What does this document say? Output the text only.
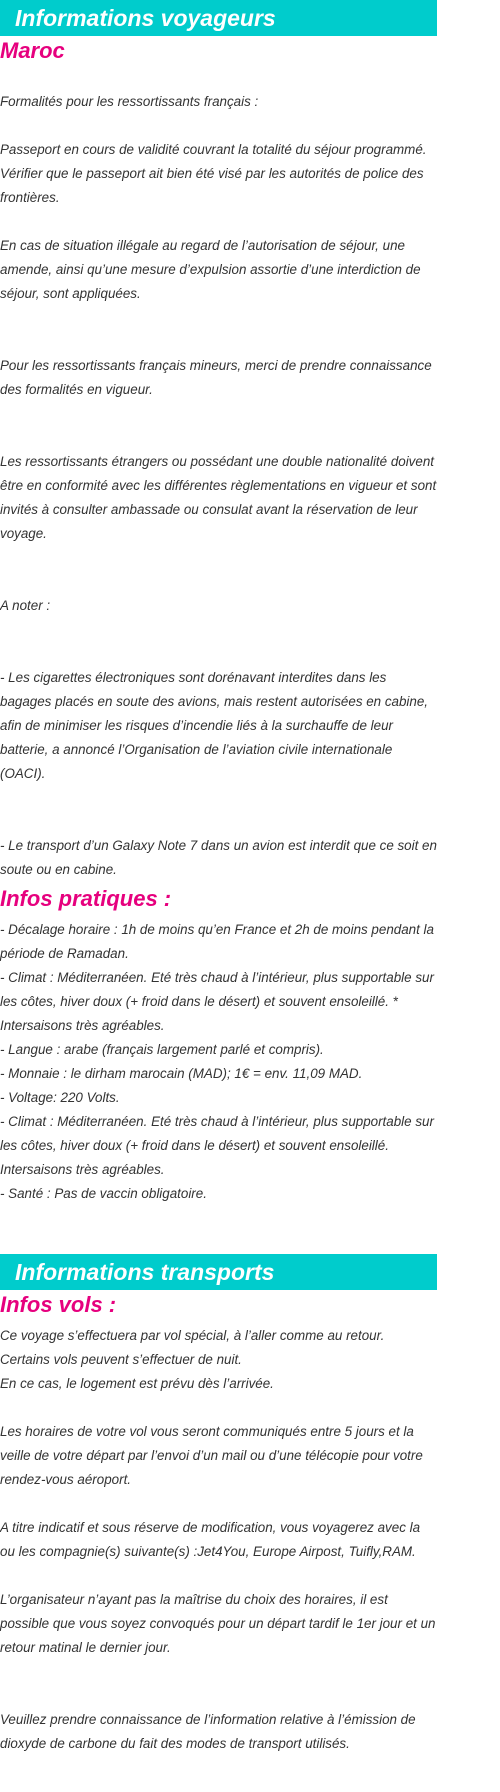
Informations voyageurs
Maroc

Formalités pour les ressortissants français :

Passeport en cours de validité couvrant la totalité du séjour programmé. Vérifier que le passeport ait bien été visé par les autorités de police des frontières.

En cas de situation illégale au regard de l’autorisation de séjour, une amende, ainsi qu’une mesure d’expulsion assortie d’une interdiction de séjour, sont appliquées.

Pour les ressortissants français mineurs, merci de prendre connaissance des formalités en vigueur.

Les ressortissants étrangers ou possédant une double nationalité doivent être en conformité avec les différentes règlementations en vigueur et sont invités à consulter ambassade ou consulat avant la réservation de leur voyage.

A noter :

- Les cigarettes électroniques sont dorénavant interdites dans les bagages placés en soute des avions, mais restent autorisées en cabine, afin de minimiser les risques d’incendie liés à la surchauffe de leur batterie, a annoncé l’Organisation de l’aviation civile internationale (OACI).

- Le transport d’un Galaxy Note 7 dans un avion est interdit que ce soit en soute ou en cabine.

Infos pratiques :
- Décalage horaire : 1h de moins qu’en France et 2h de moins pendant la période de Ramadan.
- Climat : Méditerranéen. Eté très chaud à l’intérieur, plus supportable sur les côtes, hiver doux (+ froid dans le désert) et souvent ensoleillé. * Intersaisons très agréables.
- Langue : arabe (français largement parlé et compris).
- Monnaie : le dirham marocain (MAD); 1€ = env. 11,09 MAD.
- Voltage: 220 Volts.
- Climat : Méditerranéen. Eté très chaud à l’intérieur, plus supportable sur les côtes, hiver doux (+ froid dans le désert) et souvent ensoleillé. Intersaisons très agréables.
- Santé : Pas de vaccin obligatoire.
Informations transports
Infos vols :
Ce voyage s’effectuera par vol spécial, à l’aller comme au retour. Certains vols peuvent s’effectuer de nuit.
En ce cas, le logement est prévu dès l’arrivée.

Les horaires de votre vol vous seront communiqués entre 5 jours et la veille de votre départ par l’envoi d’un mail ou d’une télécopie pour votre rendez-vous aéroport.

A titre indicatif et sous réserve de modification, vous voyagerez avec la ou les compagnie(s) suivante(s) :Jet4You, Europe Airpost, Tuifly,RAM.

L’organisateur n’ayant pas la maîtrise du choix des horaires, il est possible que vous soyez convoqués pour un départ tardif le 1er jour et un retour matinal le dernier jour.

Veuillez prendre connaissance de l’information relative à l’émission de dioxyde de carbone du fait des modes de transport utilisés.
